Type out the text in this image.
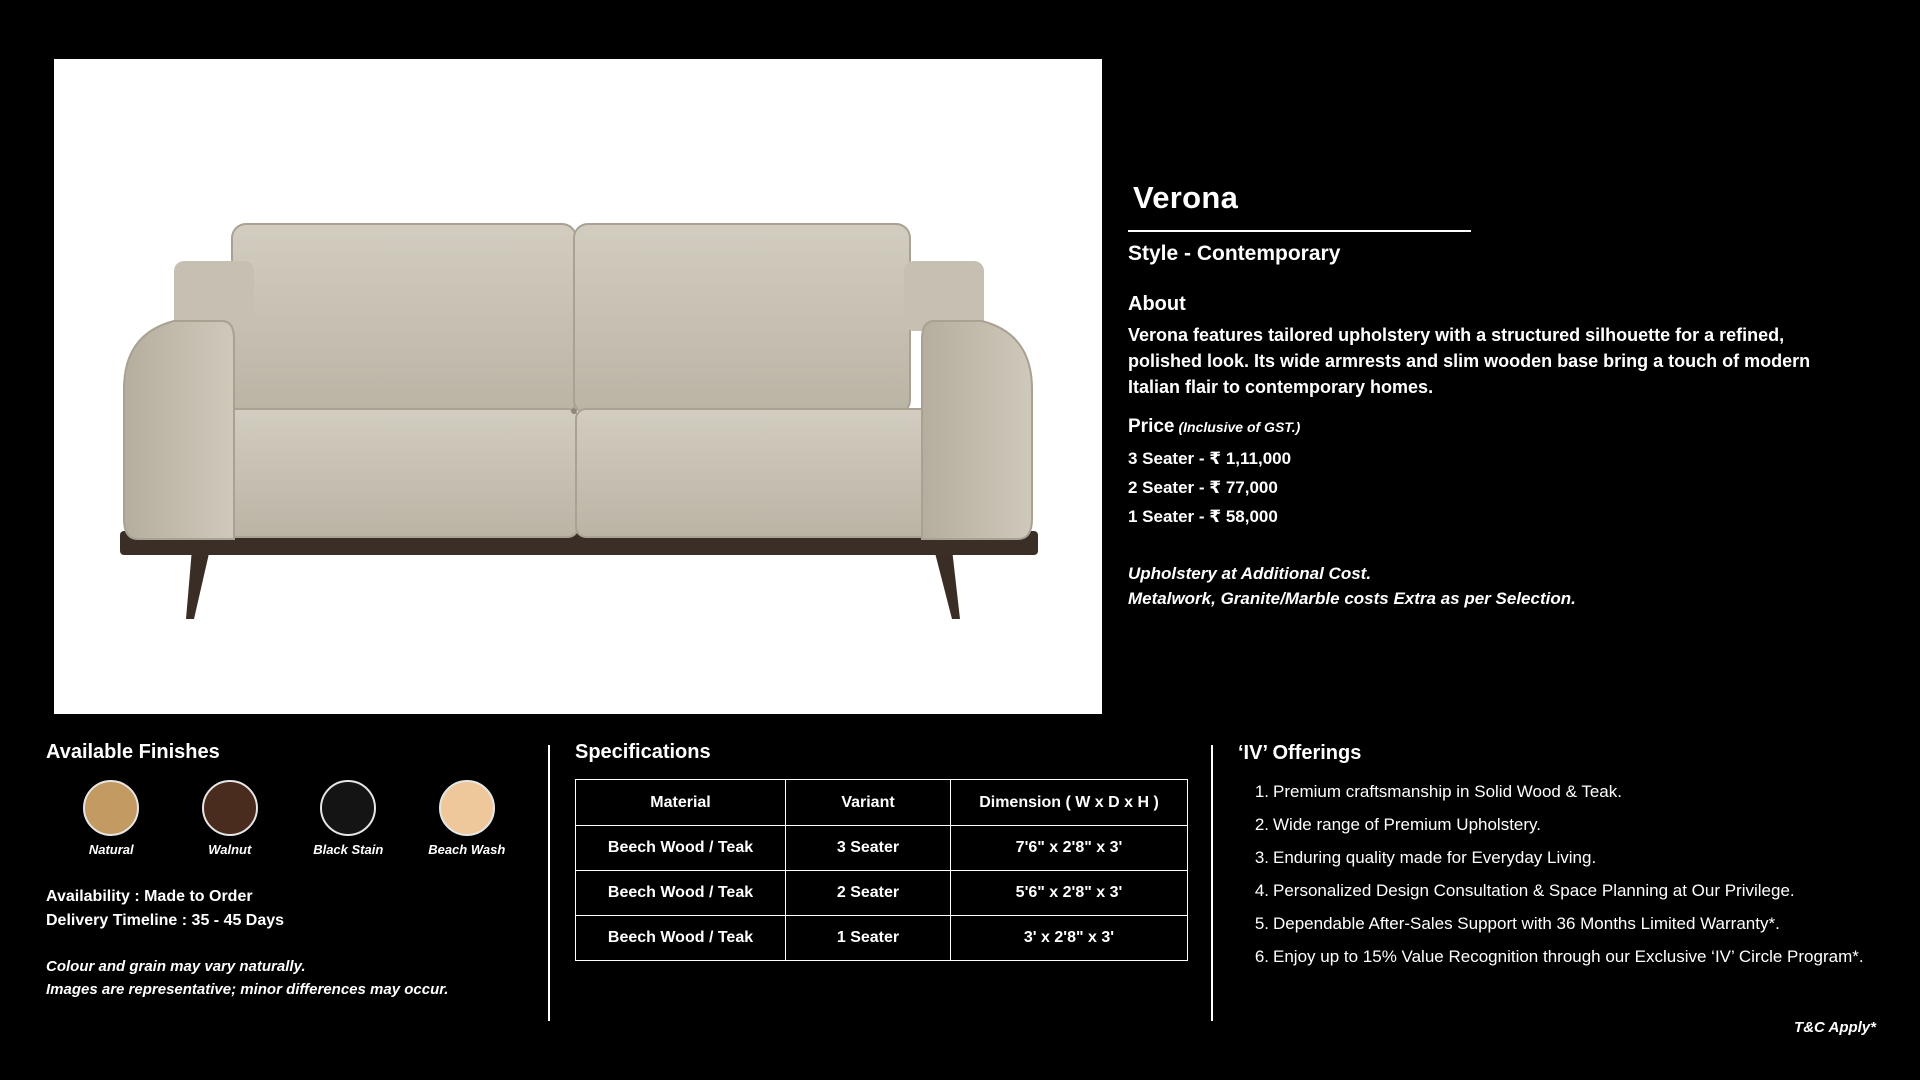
Verona
Style - Contemporary
About
Verona features tailored upholstery with a structured silhouette for a refined, polished look. Its wide armrests and slim wooden base bring a touch of modern Italian flair to contemporary homes.
Price (Inclusive of GST.)
3 Seater - ₹ 1,11,000
2 Seater - ₹ 77,000
1 Seater - ₹ 58,000
Upholstery at Additional Cost.
Metalwork, Granite/Marble costs Extra as per Selection.
Available Finishes
Natural	Walnut	Black Stain	Beach Wash
Availability : Made to Order
Delivery Timeline : 35 - 45 Days
Colour and grain may vary naturally.
Images are representative; minor differences may occur.
Specifications
Material	Variant	Dimension ( W x D x H )
Beech Wood / Teak	3 Seater	7'6" x 2'8" x 3'
Beech Wood / Teak	2 Seater	5'6" x 2'8" x 3'
Beech Wood / Teak	1 Seater	3' x 2'8" x 3'
‘IV’ Offerings
1. Premium craftsmanship in Solid Wood & Teak.
2. Wide range of Premium Upholstery.
3. Enduring quality made for Everyday Living.
4. Personalized Design Consultation & Space Planning at Our Privilege.
5. Dependable After-Sales Support with 36 Months Limited Warranty*.
6. Enjoy up to 15% Value Recognition through our Exclusive ‘IV’ Circle Program*.
T&C Apply*
